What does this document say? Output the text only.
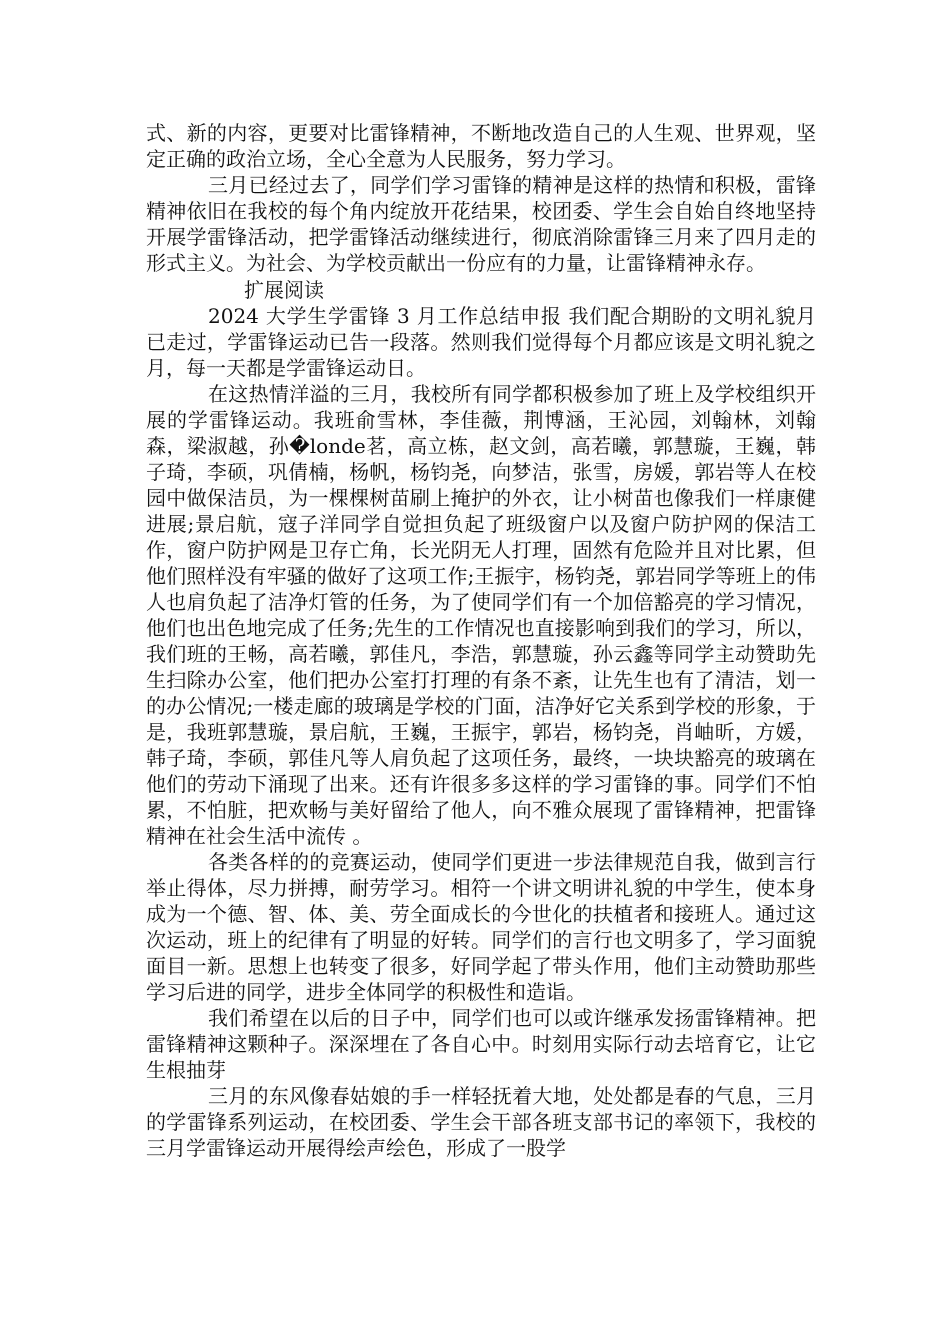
式、新的内容，更要对比雷锋精神，不断地改造自己的人生观、世界观，坚定正确的政治立场，全心全意为人民服务，努力学习。

三月已经过去了，同学们学习雷锋的精神是这样的热情和积极，雷锋精神依旧在我校的每个角内绽放开花结果，校团委、学生会自始自终地坚持开展学雷锋活动，把学雷锋活动继续进行，彻底消除雷锋三月来了四月走的形式主义。为社会、为学校贡献出一份应有的力量，让雷锋精神永存。

扩展阅读

2024 大学生学雷锋 3 月工作总结申报 我们配合期盼的文明礼貌月已走过，学雷锋运动已告一段落。然则我们觉得每个月都应该是文明礼貌之月，每一天都是学雷锋运动日。

在这热情洋溢的三月，我校所有同学都积极参加了班上及学校组织开展的学雷锋运动。我班俞雪林，李佳薇，荆博涵，王沁园，刘翰林，刘翰森，梁淑越，孙�londe茗，高立栋，赵文剑，高若曦，郭慧璇，王巍，韩子琦，李硕，巩倩楠，杨帆，杨钧尧，向梦洁，张雪，房媛，郭岩等人在校园中做保洁员，为一棵棵树苗刷上掩护的外衣，让小树苗也像我们一样康健进展;景启航，寇子洋同学自觉担负起了班级窗户以及窗户防护网的保洁工作，窗户防护网是卫存亡角，长光阴无人打理，固然有危险并且对比累，但他们照样没有牢骚的做好了这项工作;王振宇，杨钧尧，郭岩同学等班上的伟人也肩负起了洁净灯管的任务，为了使同学们有一个加倍豁亮的学习情况，他们也出色地完成了任务;先生的工作情况也直接影响到我们的学习，所以，我们班的王畅，高若曦，郭佳凡，李浩，郭慧璇，孙云鑫等同学主动赞助先生扫除办公室，他们把办公室打打理的有条不紊，让先生也有了清洁，划一的办公情况;一楼走廊的玻璃是学校的门面，洁净好它关系到学校的形象，于是，我班郭慧璇，景启航，王巍，王振宇，郭岩，杨钧尧，肖岫昕，方媛，韩子琦，李硕，郭佳凡等人肩负起了这项任务，最终，一块块豁亮的玻璃在他们的劳动下涌现了出来。还有许很多多这样的学习雷锋的事。同学们不怕累，不怕脏，把欢畅与美好留给了他人，向不雅众展现了雷锋精神，把雷锋精神在社会生活中流传 。

各类各样的的竞赛运动，使同学们更进一步法律规范自我，做到言行举止得体，尽力拼搏，耐劳学习。相符一个讲文明讲礼貌的中学生，使本身成为一个德、智、体、美、劳全面成长的今世化的扶植者和接班人。通过这次运动，班上的纪律有了明显的好转。同学们的言行也文明多了，学习面貌面目一新。思想上也转变了很多，好同学起了带头作用，他们主动赞助那些学习后进的同学，进步全体同学的积极性和造诣。

我们希望在以后的日子中，同学们也可以或许继承发扬雷锋精神。把雷锋精神这颗种子。深深埋在了各自心中。时刻用实际行动去培育它，让它生根抽芽

三月的东风像春姑娘的手一样轻抚着大地，处处都是春的气息，三月的学雷锋系列运动，在校团委、学生会干部各班支部书记的率领下，我校的三月学雷锋运动开展得绘声绘色，形成了一股学
